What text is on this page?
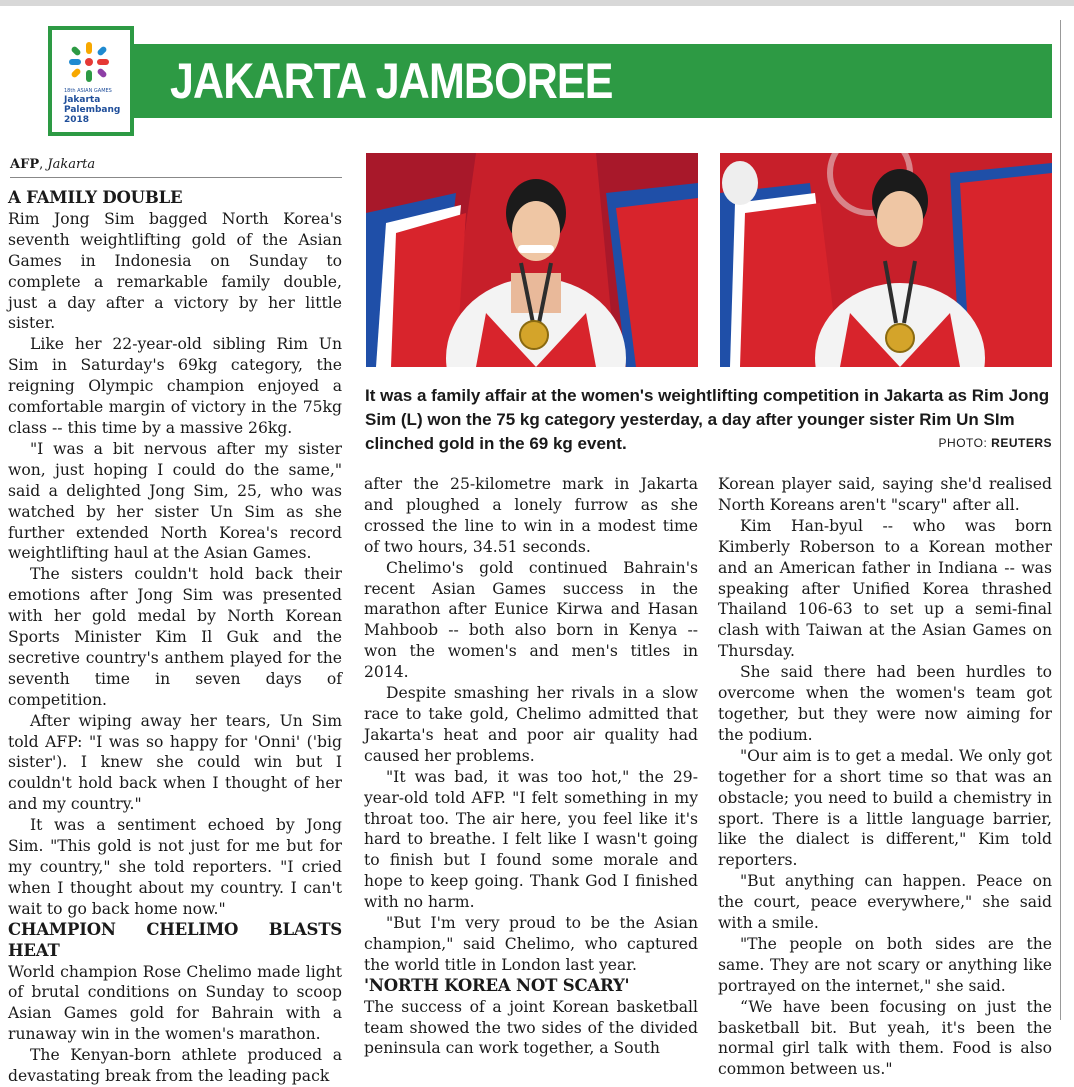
18th ASIAN GAMES
Jakarta
Palembang
2018
JAKARTA JAMBOREE
AFP, Jakarta
A FAMILY DOUBLE

Rim Jong Sim bagged North Korea's seventh weightlifting gold of the Asian Games in Indonesia on Sunday to complete a remarkable family double, just a day after a victory by her little sister.

Like her 22-year-old sibling Rim Un Sim in Saturday's 69kg category, the reigning Olympic champion enjoyed a comfortable margin of victory in the 75kg class -- this time by a massive 26kg.

"I was a bit nervous after my sister won, just hoping I could do the same," said a delighted Jong Sim, 25, who was watched by her sister Un Sim as she further extended North Korea's record weightlifting haul at the Asian Games.

The sisters couldn't hold back their emotions after Jong Sim was presented with her gold medal by North Korean Sports Minister Kim Il Guk and the secretive country's anthem played for the seventh time in seven days of competition.

After wiping away her tears, Un Sim told AFP: "I was so happy for 'Onni' ('big sister'). I knew she could win but I couldn't hold back when I thought of her and my country."

It was a sentiment echoed by Jong Sim. "This gold is not just for me but for my country," she told reporters. "I cried when I thought about my country. I can't wait to go back home now."

CHAMPION CHELIMO BLASTS HEAT

World champion Rose Chelimo made light of brutal conditions on Sunday to scoop Asian Games gold for Bahrain with a runaway win in the women's marathon.

The Kenyan-born athlete produced a devastating break from the leading pack

It was a family affair at the women's weightlifting competition in Jakarta as Rim Jong Sim (L) won the 75 kg category yesterday, a day after younger sister Rim Un SIm clinched gold in the 69 kg event.	PHOTO: REUTERS

after the 25-kilometre mark in Jakarta and ploughed a lonely furrow as she crossed the line to win in a modest time of two hours, 34.51 seconds.

Chelimo's gold continued Bahrain's recent Asian Games success in the marathon after Eunice Kirwa and Hasan Mahboob -- both also born in Kenya -- won the women's and men's titles in 2014.

Despite smashing her rivals in a slow race to take gold, Chelimo admitted that Jakarta's heat and poor air quality had caused her problems.

"It was bad, it was too hot," the 29-year-old told AFP. "I felt something in my throat too. The air here, you feel like it's hard to breathe. I felt like I wasn't going to finish but I found some morale and hope to keep going. Thank God I finished with no harm.

"But I'm very proud to be the Asian champion," said Chelimo, who captured the world title in London last year.

'NORTH KOREA NOT SCARY'

The success of a joint Korean basketball team showed the two sides of the divided peninsula can work together, a South

Korean player said, saying she'd realised North Koreans aren't "scary" after all.

Kim Han-byul -- who was born Kimberly Roberson to a Korean mother and an American father in Indiana -- was speaking after Unified Korea thrashed Thailand 106-63 to set up a semi-final clash with Taiwan at the Asian Games on Thursday.

She said there had been hurdles to overcome when the women's team got together, but they were now aiming for the podium.

"Our aim is to get a medal. We only got together for a short time so that was an obstacle; you need to build a chemistry in sport. There is a little language barrier, like the dialect is different," Kim told reporters.

"But anything can happen. Peace on the court, peace everywhere," she said with a smile.

"The people on both sides are the same. They are not scary or anything like portrayed on the internet," she said.

“We have been focusing on just the basketball bit. But yeah, it's been the normal girl talk with them. Food is also common between us."
